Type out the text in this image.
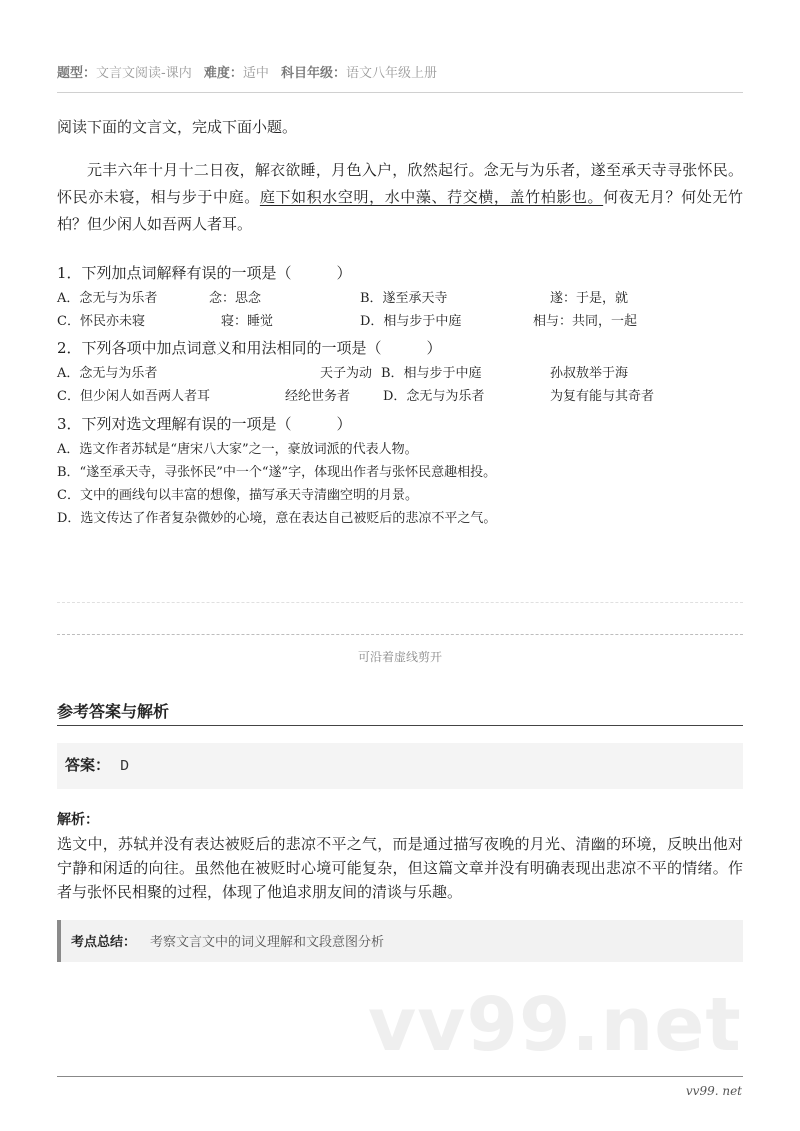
题型：文言文阅读-课内 难度：适中 科目年级：语文八年级上册
阅读下面的文言文，完成下面小题。
元丰六年十月十二日夜，解衣欲睡，月色入户，欣然起行。念无与为乐者，遂至承天寺寻张怀民。怀民亦未寝，相与步于中庭。庭下如积水空明，水中藻、荇交横，盖竹柏影也。何夜无月？何处无竹柏？但少闲人如吾两人者耳。
1．下列加点词解释有误的一项是（　　　）
A．念无与为乐者	念：思念	B．遂至承天寺	遂：于是，就
C．怀民亦未寝	寝：睡觉	D．相与步于中庭	相与：共同，一起
2．下列各项中加点词意义和用法相同的一项是（　　　）
A．念无与为乐者	天子为动 B．相与步于中庭	孙叔敖举于海
C．但少闲人如吾两人者耳	经纶世务者	D．念无与为乐者	为复有能与其奇者
3．下列对选文理解有误的一项是（　　　）
A．选文作者苏轼是“唐宋八大家”之一，豪放词派的代表人物。
B．“遂至承天寺，寻张怀民”中一个“遂”字，体现出作者与张怀民意趣相投。
C．文中的画线句以丰富的想像，描写承天寺清幽空明的月景。
D．选文传达了作者复杂微妙的心境，意在表达自己被贬后的悲凉不平之气。
可沿着虚线剪开
参考答案与解析
答案： D
解析：
选文中，苏轼并没有表达被贬后的悲凉不平之气，而是通过描写夜晚的月光、清幽的环境，反映出他对宁静和闲适的向往。虽然他在被贬时心境可能复杂，但这篇文章并没有明确表现出悲凉不平的情绪。作者与张怀民相聚的过程，体现了他追求朋友间的清谈与乐趣。
考点总结： 考察文言文中的词义理解和文段意图分析
vv99.net
vv99. net
